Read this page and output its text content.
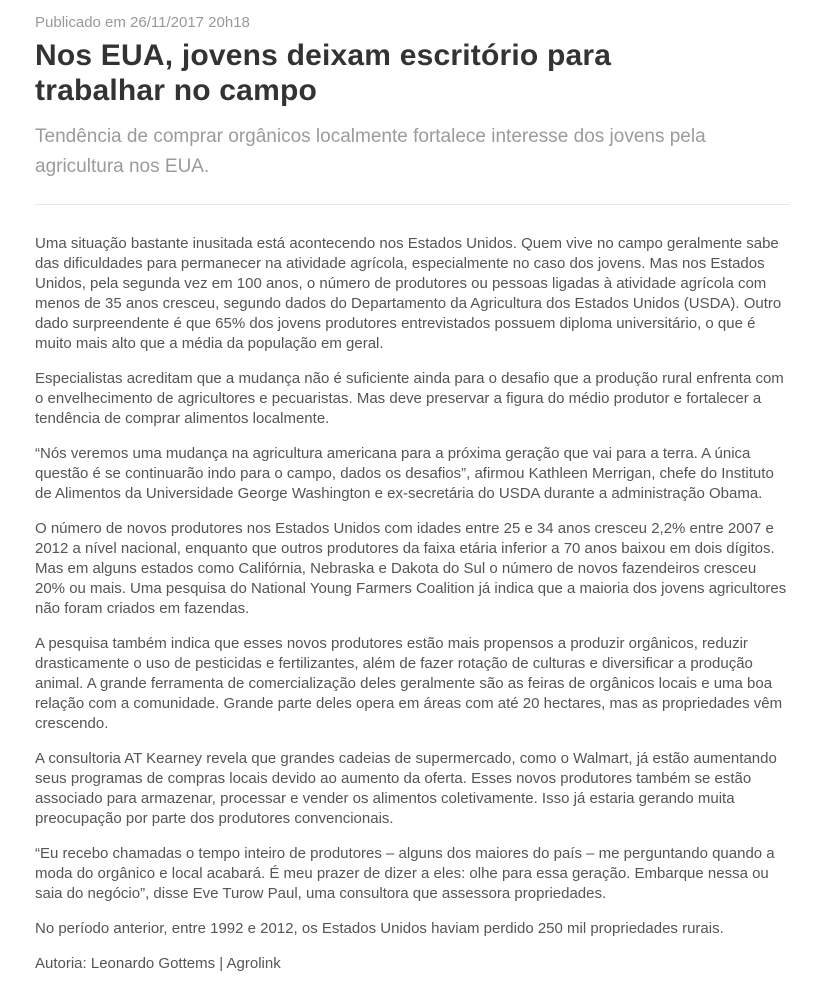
Publicado em 26/11/2017 20h18

Nos EUA, jovens deixam escritório para trabalhar no campo

Tendência de comprar orgânicos localmente fortalece interesse dos jovens pela agricultura nos EUA.

Uma situação bastante inusitada está acontecendo nos Estados Unidos. Quem vive no campo geralmente sabe das dificuldades para permanecer na atividade agrícola, especialmente no caso dos jovens. Mas nos Estados Unidos, pela segunda vez em 100 anos, o número de produtores ou pessoas ligadas à atividade agrícola com menos de 35 anos cresceu, segundo dados do Departamento da Agricultura dos Estados Unidos (USDA). Outro dado surpreendente é que 65% dos jovens produtores entrevistados possuem diploma universitário, o que é muito mais alto que a média da população em geral.

Especialistas acreditam que a mudança não é suficiente ainda para o desafio que a produção rural enfrenta com o envelhecimento de agricultores e pecuaristas. Mas deve preservar a figura do médio produtor e fortalecer a tendência de comprar alimentos localmente.

“Nós veremos uma mudança na agricultura americana para a próxima geração que vai para a terra. A única questão é se continuarão indo para o campo, dados os desafios”, afirmou Kathleen Merrigan, chefe do Instituto de Alimentos da Universidade George Washington e ex-secretária do USDA durante a administração Obama.

O número de novos produtores nos Estados Unidos com idades entre 25 e 34 anos cresceu 2,2% entre 2007 e 2012 a nível nacional, enquanto que outros produtores da faixa etária inferior a 70 anos baixou em dois dígitos. Mas em alguns estados como Califórnia, Nebraska e Dakota do Sul o número de novos fazendeiros cresceu 20% ou mais. Uma pesquisa do National Young Farmers Coalition já indica que a maioria dos jovens agricultores não foram criados em fazendas.

A pesquisa também indica que esses novos produtores estão mais propensos a produzir orgânicos, reduzir drasticamente o uso de pesticidas e fertilizantes, além de fazer rotação de culturas e diversificar a produção animal. A grande ferramenta de comercialização deles geralmente são as feiras de orgânicos locais e uma boa relação com a comunidade. Grande parte deles opera em áreas com até 20 hectares, mas as propriedades vêm crescendo.

A consultoria AT Kearney revela que grandes cadeias de supermercado, como o Walmart, já estão aumentando seus programas de compras locais devido ao aumento da oferta. Esses novos produtores também se estão associado para armazenar, processar e vender os alimentos coletivamente. Isso já estaria gerando muita preocupação por parte dos produtores convencionais.

“Eu recebo chamadas o tempo inteiro de produtores – alguns dos maiores do país – me perguntando quando a moda do orgânico e local acabará. É meu prazer de dizer a eles: olhe para essa geração. Embarque nessa ou saia do negócio”, disse Eve Turow Paul, uma consultora que assessora propriedades.

No período anterior, entre 1992 e 2012, os Estados Unidos haviam perdido 250 mil propriedades rurais.

Autoria: Leonardo Gottems | Agrolink
